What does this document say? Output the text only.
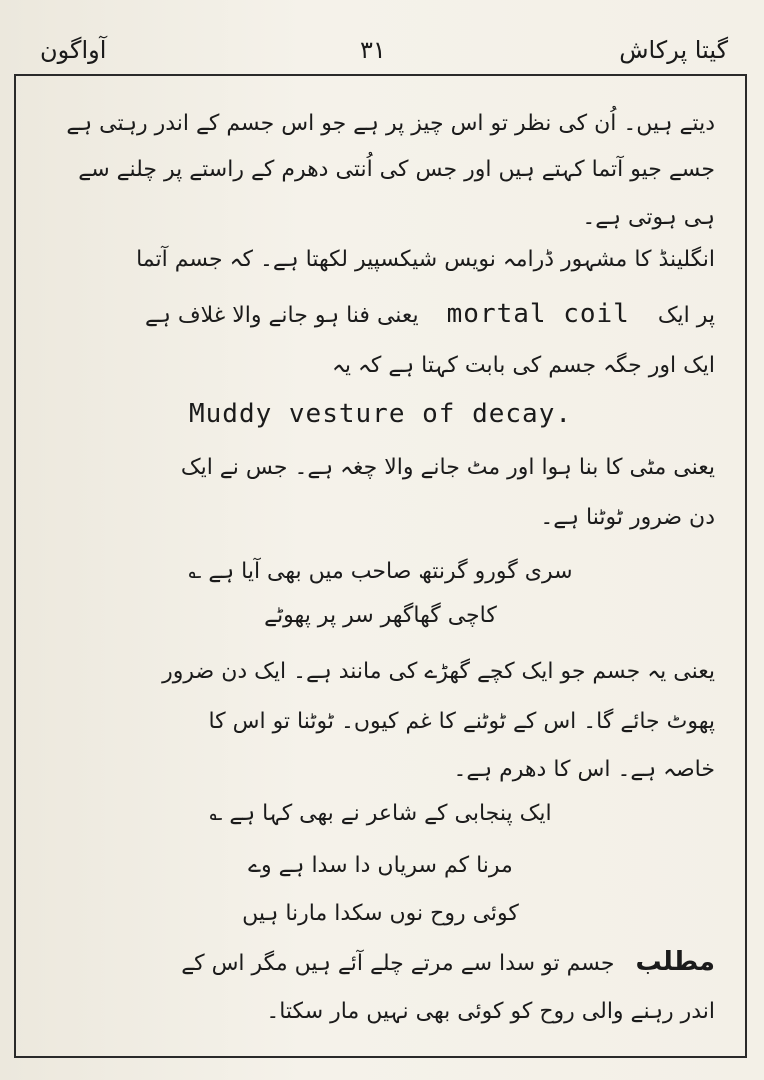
آواگون	۳۱	گیتا پرکاش
دیتے ہیں۔ اُن کی نظر تو اس چیز پر ہے جو اس جسم کے اندر رہتی ہے
جسے جیو آتما کہتے ہیں اور جس کی اُنتی دھرم کے راستے پر چلنے سے
ہی ہوتی ہے۔
انگلینڈ کا مشہور ڈرامہ نویس شیکسپیر لکھتا ہے۔ کہ جسم آتما
پر ایک    mortal coil    یعنی فنا ہو جانے والا غلاف ہے
ایک اور جگہ جسم کی بابت کہتا ہے کہ یہ
Muddy vesture of decay.
یعنی مٹی کا بنا ہوا اور مٹ جانے والا چغہ ہے۔ جس نے ایک
دن ضرور ٹوٹنا ہے۔
سری گورو گرنتھ صاحب میں بھی آیا ہے ؎
کاچی گھاگھر سر پر پھوٹے
یعنی یہ جسم جو ایک کچے گھڑے کی مانند ہے۔ ایک دن ضرور
پھوٹ جائے گا۔ اس کے ٹوٹنے کا غم کیوں۔ ٹوٹنا تو اس کا
خاصہ ہے۔ اس کا دھرم ہے۔
ایک پنجابی کے شاعر نے بھی کہا ہے ؎
مرنا کم سریاں دا سدا ہے وے
کوئی روح نوں سکدا مارنا ہیں
مطلب   جسم تو سدا سے مرتے چلے آئے ہیں مگر اس کے
اندر رہنے والی روح کو کوئی بھی نہیں مار سکتا۔
